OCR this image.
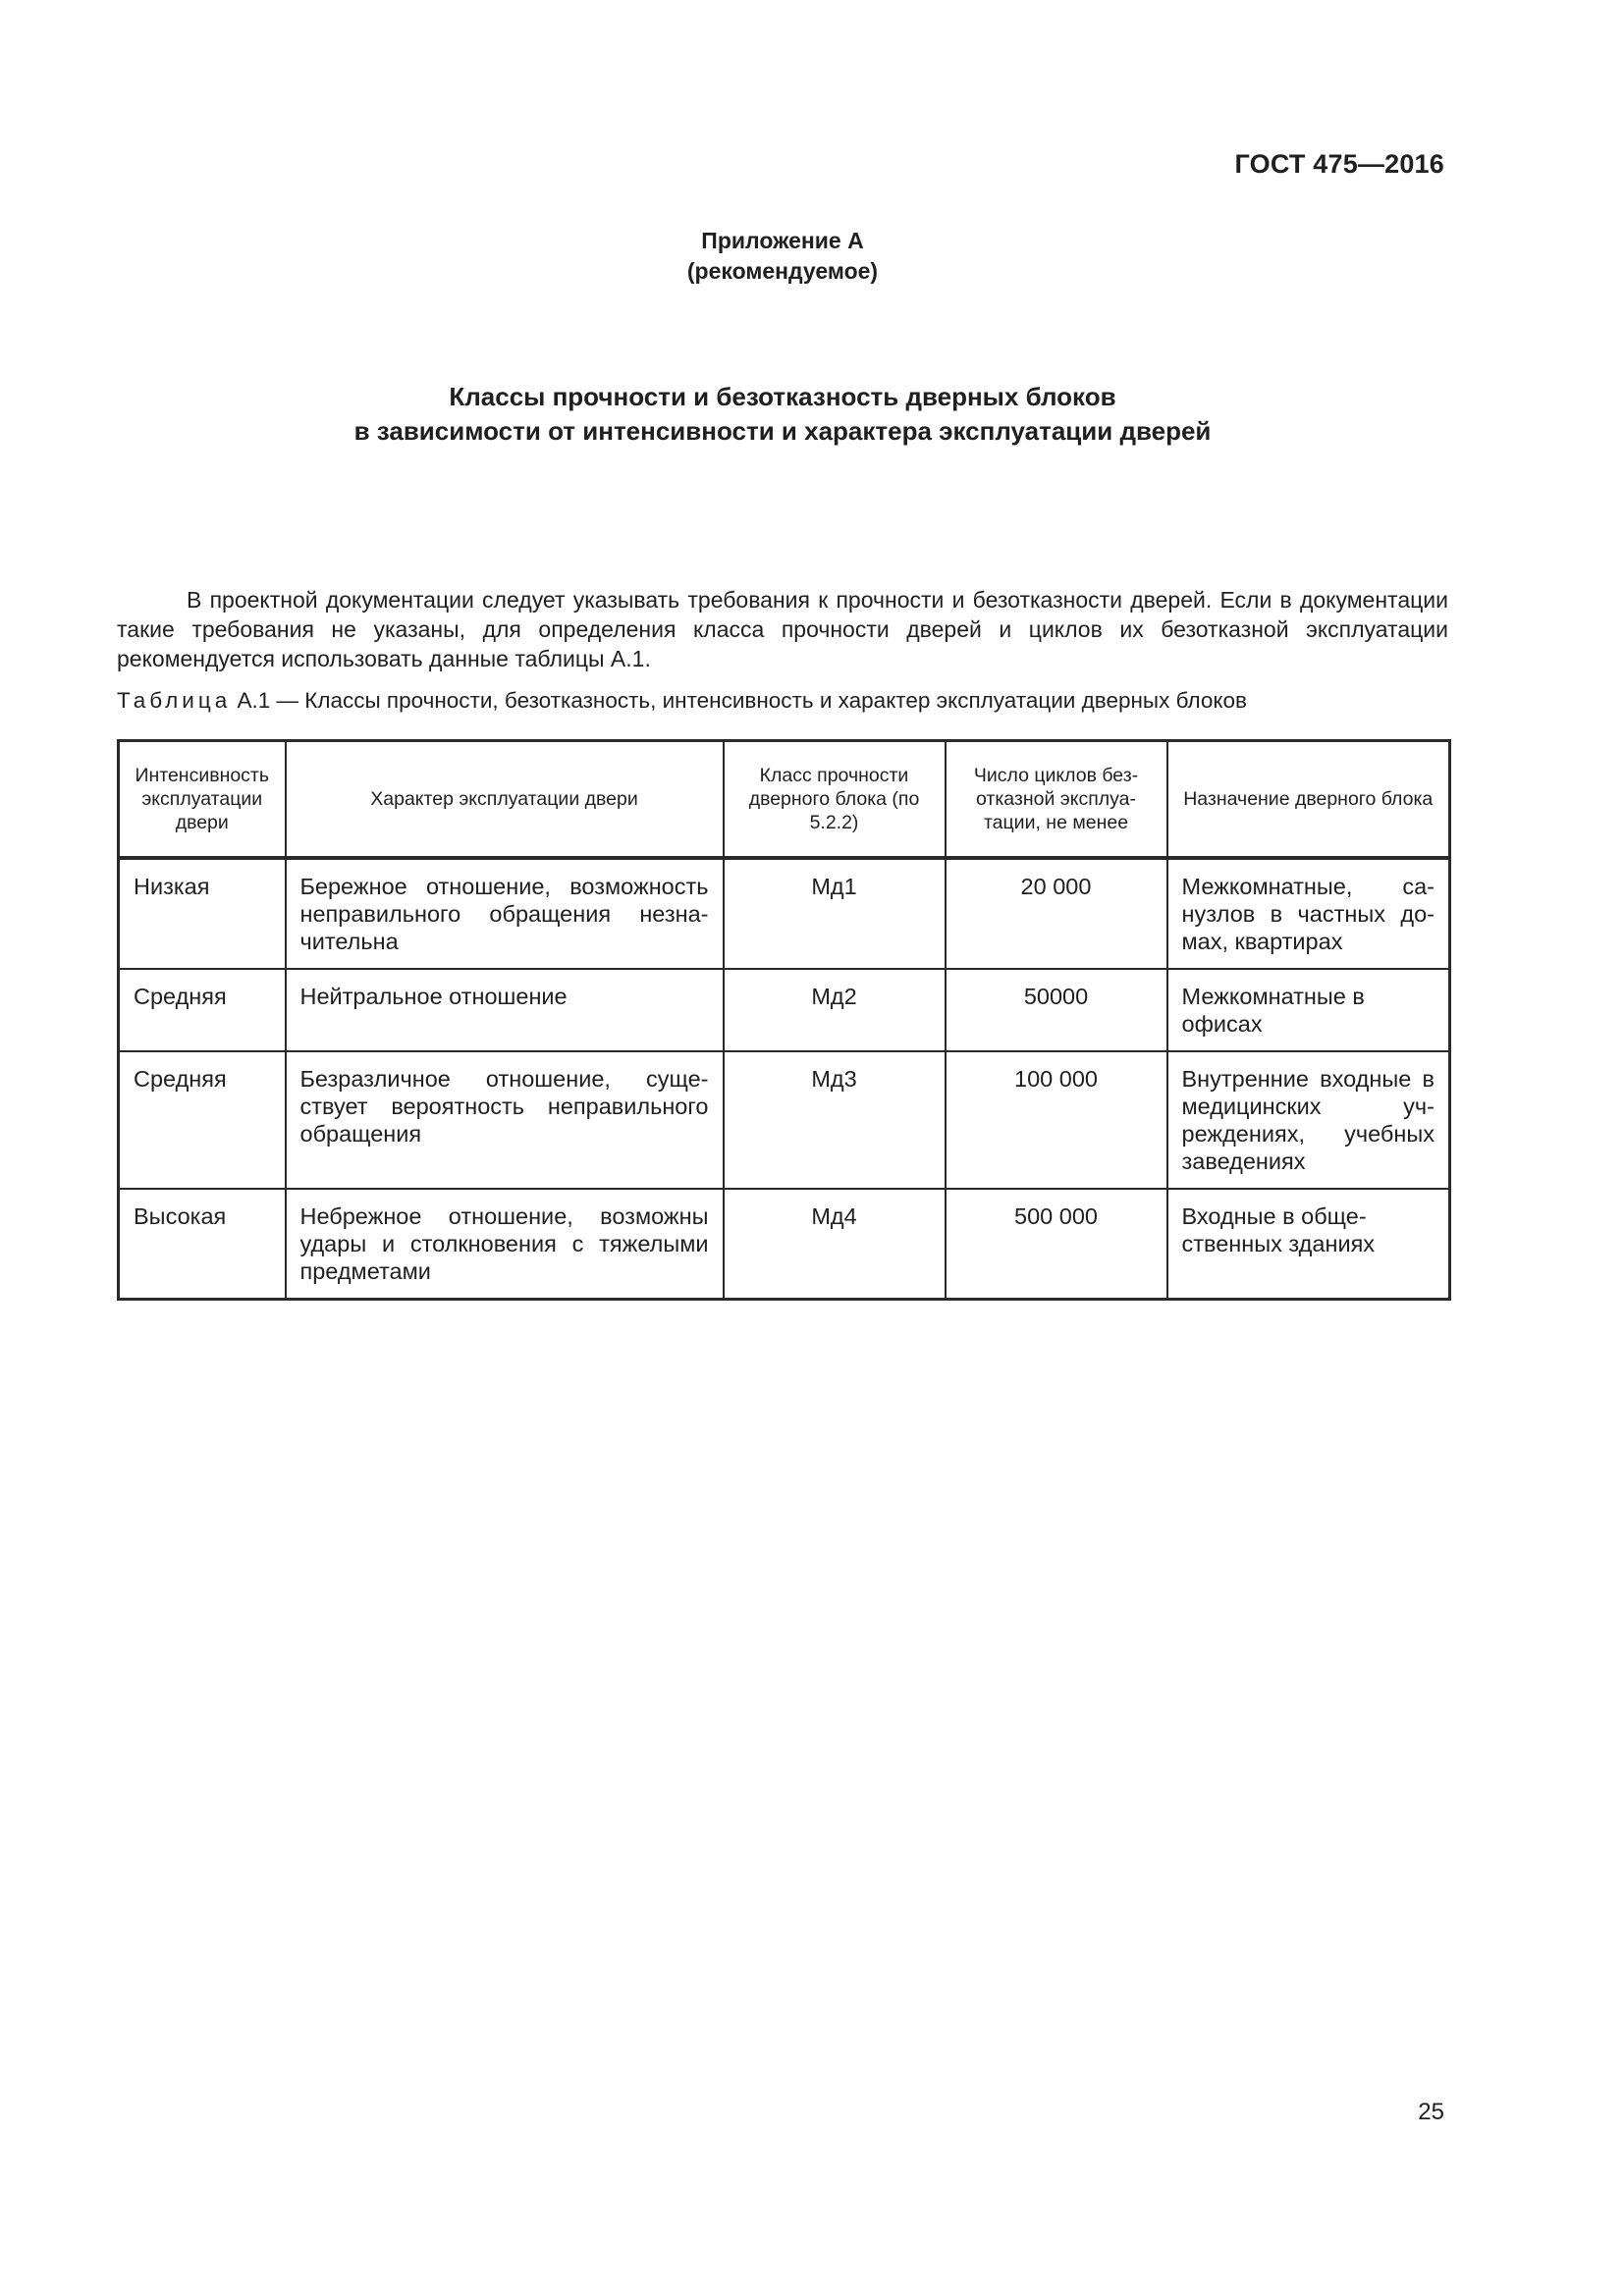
ГОСТ 475—2016
Приложение А
(рекомендуемое)
Классы прочности и безотказность дверных блоков
в зависимости от интенсивности и характера эксплуатации дверей

В проектной документации следует указывать требования к прочности и безотказности дверей. Если в документации такие требования не указаны, для определения класса прочности дверей и циклов их безотказной эксплуатации рекомендуется использовать данные таблицы А.1.

Таблица А.1 — Классы прочности, безотказность, интенсивность и характер эксплуатации дверных блоков
Интенсивность эксплуатации двери	Характер эксплуатации двери	Класс прочности дверного блока (по 5.2.2)	Число циклов безотказной эксплуатации, не менее	Назначение дверного блока
Низкая	Бережное отношение, возможность неправильного обращения незначительна	Мд1	20 000	Межкомнатные, санузлов в частных домах, квартирах
Средняя	Нейтральное отношение	Мд2	50000	Межкомнатные в офисах
Средняя	Безразличное отношение, существует вероятность неправильного обращения	Мд3	100 000	Внутренние входные в медицинских учреждениях, учебных заведениях
Высокая	Небрежное отношение, возможны удары и столкновения с тяжелыми предметами	Мд4	500 000	Входные в общественных зданиях
25
